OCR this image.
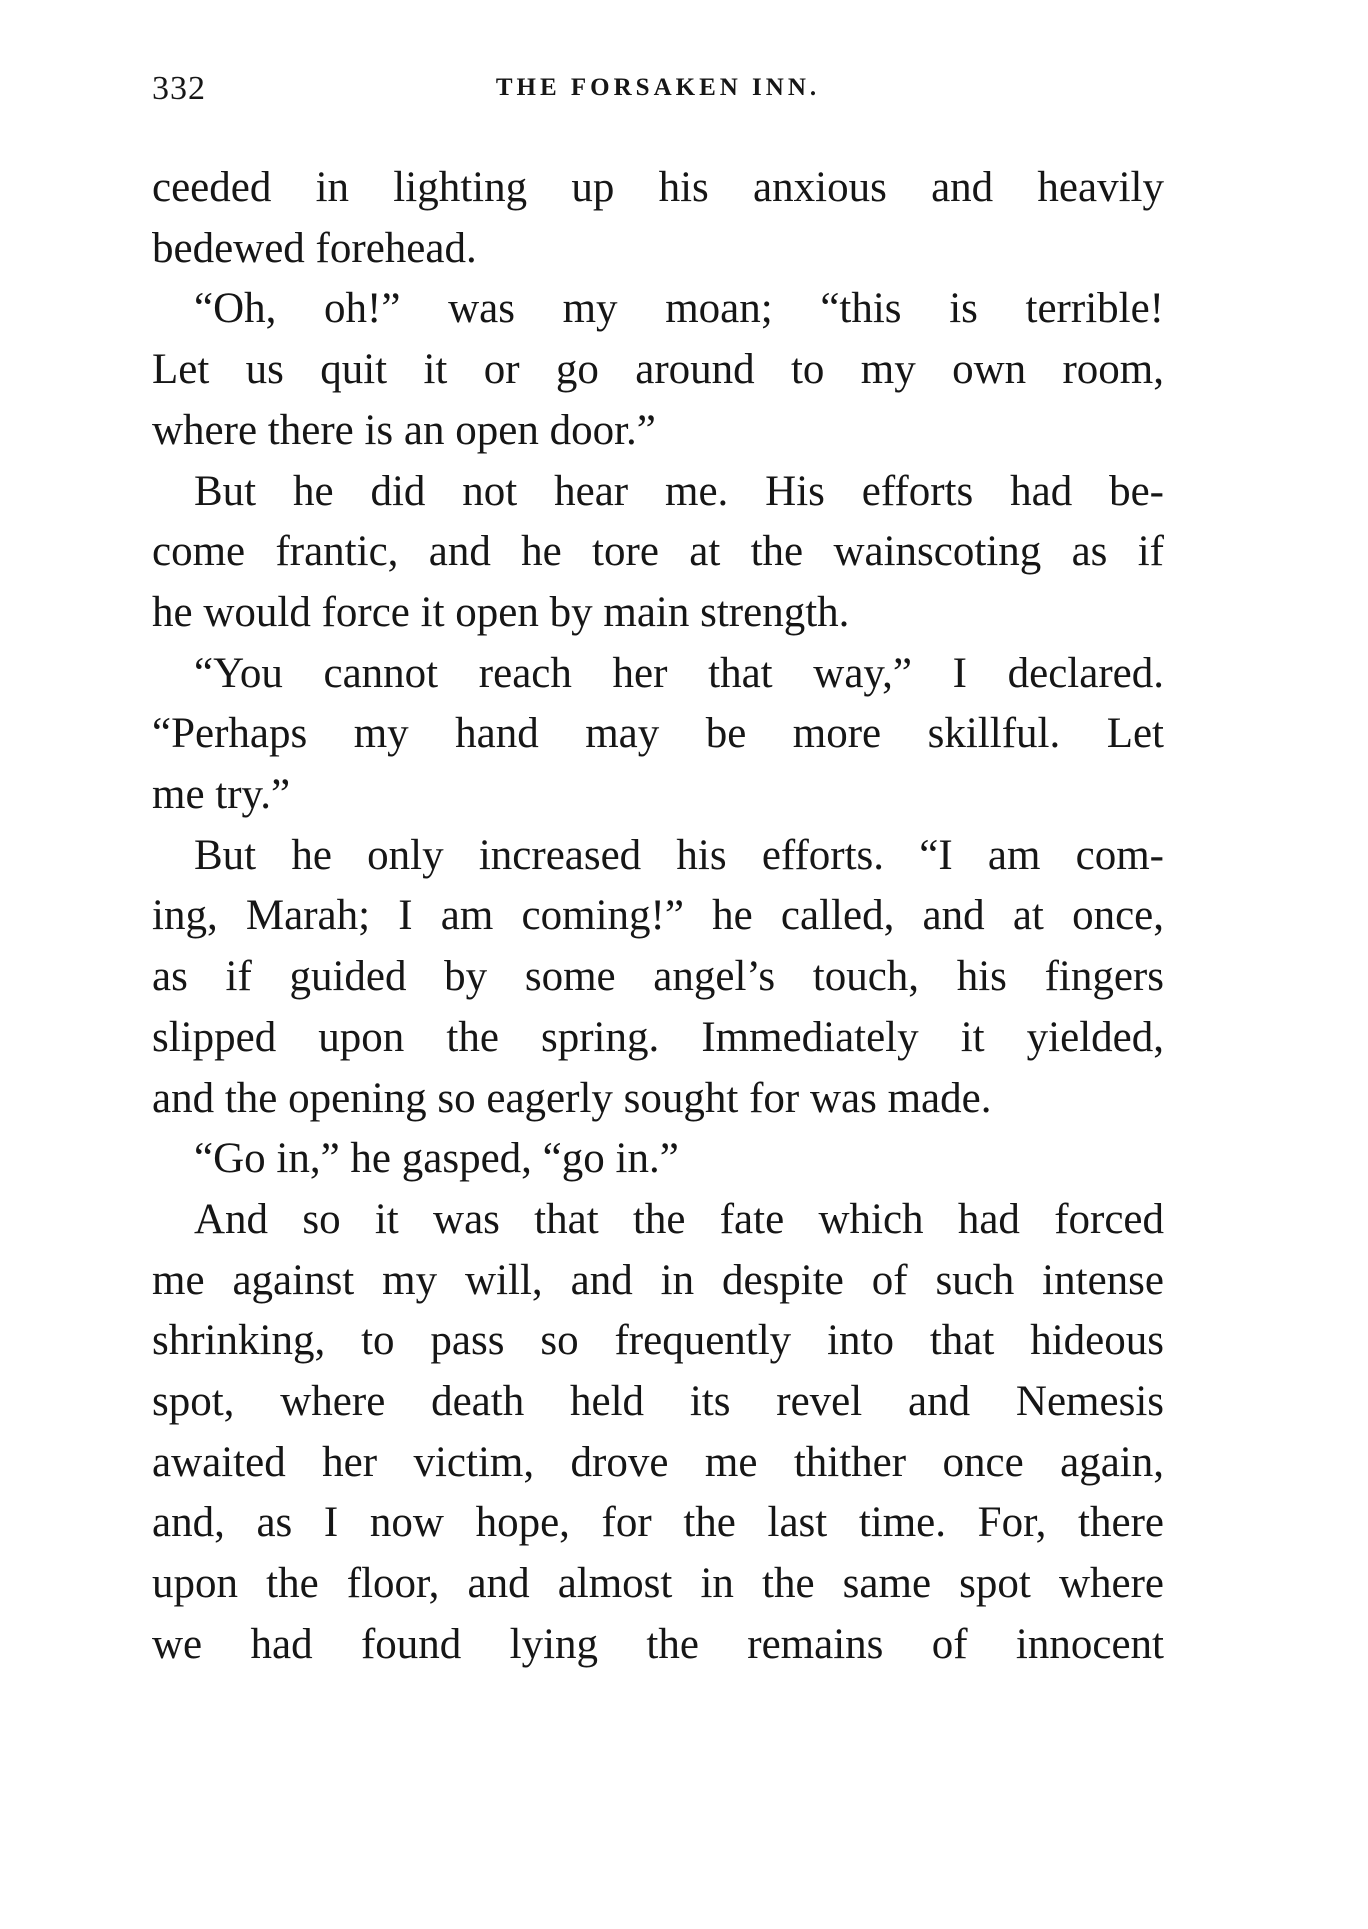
332	THE FORSAKEN INN.
ceeded in lighting up his anxious and heavily
bedewed forehead.
“Oh, oh!” was my moan; “this is terrible!
Let us quit it or go around to my own room,
where there is an open door.”
But he did not hear me. His efforts had be-
come frantic, and he tore at the wainscoting as if
he would force it open by main strength.
“You cannot reach her that way,” I declared.
“Perhaps my hand may be more skillful. Let
me try.”
But he only increased his efforts. “I am com-
ing, Marah; I am coming!” he called, and at once,
as if guided by some angel’s touch, his fingers
slipped upon the spring. Immediately it yielded,
and the opening so eagerly sought for was made.
“Go in,” he gasped, “go in.”
And so it was that the fate which had forced
me against my will, and in despite of such intense
shrinking, to pass so frequently into that hideous
spot, where death held its revel and Nemesis
awaited her victim, drove me thither once again,
and, as I now hope, for the last time. For, there
upon the floor, and almost in the same spot where
we had found lying the remains of innocent
